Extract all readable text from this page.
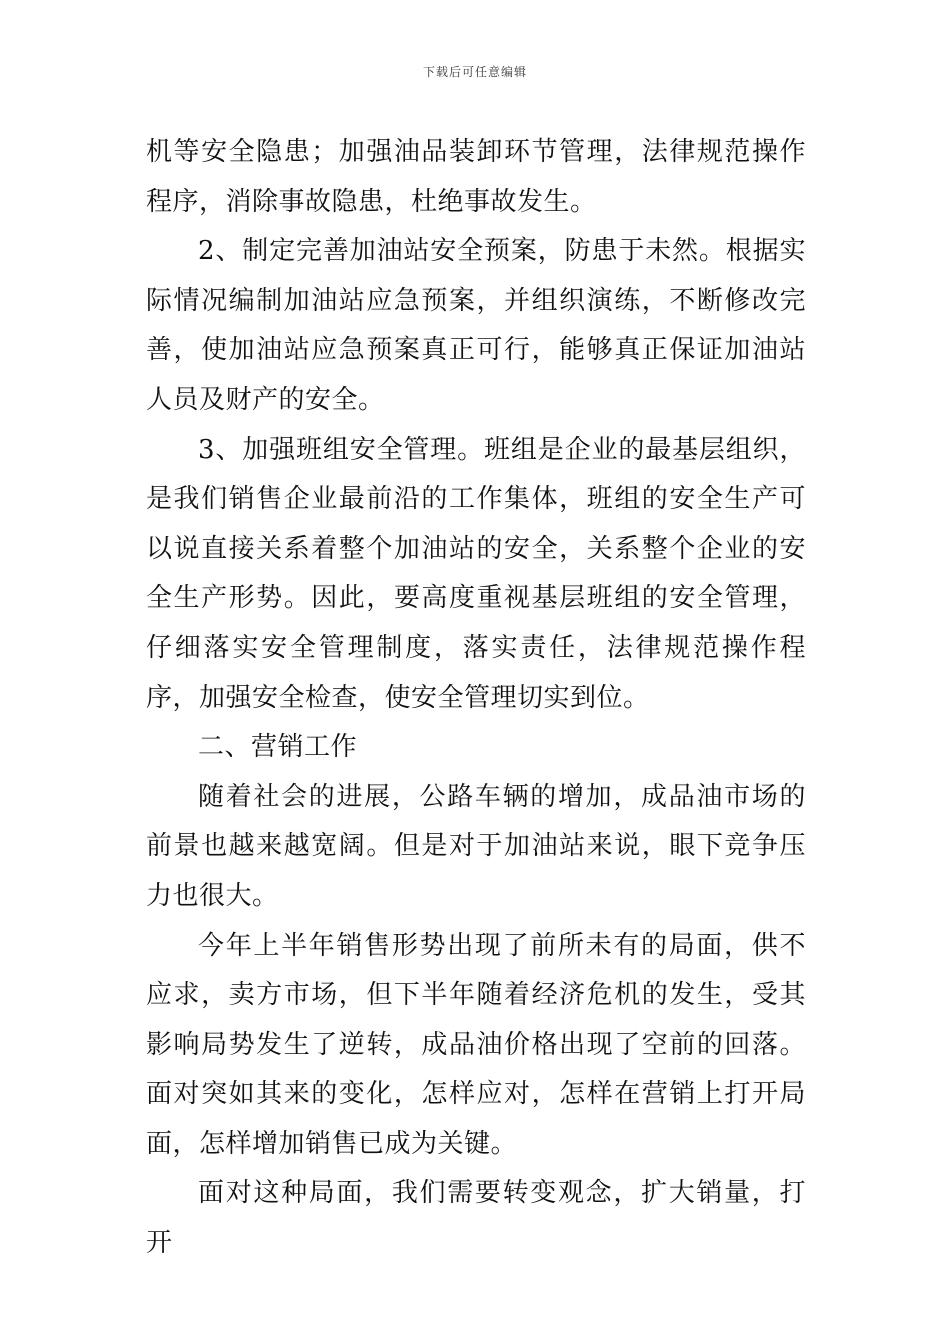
下载后可任意编辑

机等安全隐患；加强油品装卸环节管理，法律规范操作程序，消除事故隐患，杜绝事故发生。

2、制定完善加油站安全预案，防患于未然。根据实际情况编制加油站应急预案，并组织演练，不断修改完善，使加油站应急预案真正可行，能够真正保证加油站人员及财产的安全。

3、加强班组安全管理。班组是企业的最基层组织，是我们销售企业最前沿的工作集体，班组的安全生产可以说直接关系着整个加油站的安全，关系整个企业的安全生产形势。因此，要高度重视基层班组的安全管理，仔细落实安全管理制度，落实责任，法律规范操作程序，加强安全检查，使安全管理切实到位。

二、营销工作

随着社会的进展，公路车辆的增加，成品油市场的前景也越来越宽阔。但是对于加油站来说，眼下竞争压力也很大。

今年上半年销售形势出现了前所未有的局面，供不应求，卖方市场，但下半年随着经济危机的发生，受其影响局势发生了逆转，成品油价格出现了空前的回落。面对突如其来的变化，怎样应对，怎样在营销上打开局面，怎样增加销售已成为关键。

面对这种局面，我们需要转变观念，扩大销量，打开
